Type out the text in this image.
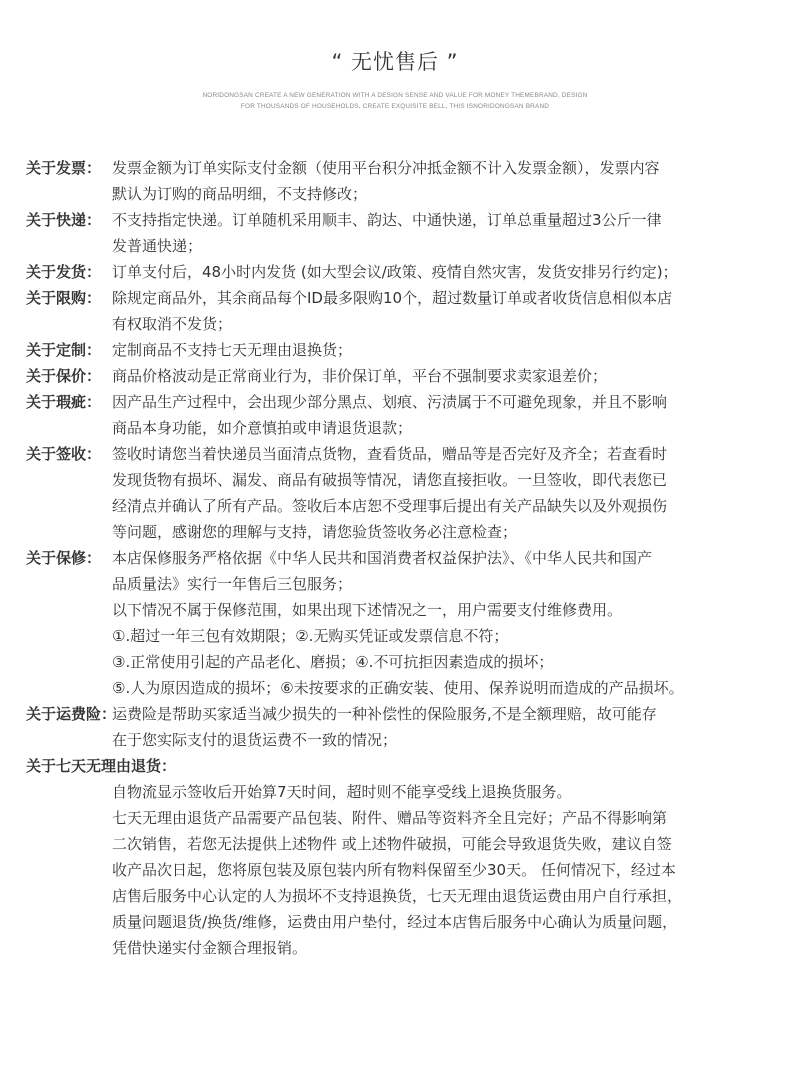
“ 无忧售后 ”
NORIDONGSAN CREATE A NEW GENERATION WITH A DESIGN SENSE AND VALUE FOR MONEY THEMEBRAND, DESIGN
FOR THOUSANDS OF HOUSEHOLDS, CREATE EXQUISITE BELL, THIS ISNORIDONGSAN BRAND
关于发票： 发票金额为订单实际支付金额（使用平台积分冲抵金额不计入发票金额），发票内容
默认为订购的商品明细，不支持修改；
关于快递： 不支持指定快递。订单随机采用顺丰、韵达、中通快递，订单总重量超过3公斤一律
发普通快递；
关于发货： 订单支付后，48小时内发货 (如大型会议/政策、疫情自然灾害，发货安排另行约定)；
关于限购： 除规定商品外，其余商品每个ID最多限购10个，超过数量订单或者收货信息相似本店
有权取消不发货；
关于定制： 定制商品不支持七天无理由退换货；
关于保价： 商品价格波动是正常商业行为，非价保订单，平台不强制要求卖家退差价；
关于瑕疵： 因产品生产过程中，会出现少部分黑点、划痕、污渍属于不可避免现象，并且不影响
商品本身功能，如介意慎拍或申请退货退款；
关于签收： 签收时请您当着快递员当面清点货物，查看货品，赠品等是否完好及齐全；若查看时
发现货物有损坏、漏发、商品有破损等情况，请您直接拒收。一旦签收，即代表您已
经清点并确认了所有产品。签收后本店恕不受理事后提出有关产品缺失以及外观损伤
等问题，感谢您的理解与支持，请您验货签收务必注意检查；
关于保修： 本店保修服务严格依据《中华人民共和国消费者权益保护法》、《中华人民共和国产
品质量法》实行一年售后三包服务；
以下情况不属于保修范围，如果出现下述情况之一，用户需要支付维修费用。
①.超过一年三包有效期限；②.无购买凭证或发票信息不符；
③.正常使用引起的产品老化、磨损；④.不可抗拒因素造成的损坏；
⑤.人为原因造成的损坏；⑥未按要求的正确安装、使用、保养说明而造成的产品损坏。
关于运费险：
运费险是帮助买家适当减少损失的一种补偿性的保险服务,不是全额理赔，故可能存
在于您实际支付的退货运费不一致的情况；
关于七天无理由退货：
自物流显示签收后开始算7天时间，超时则不能享受线上退换货服务。
七天无理由退货产品需要产品包装、附件、赠品等资料齐全且完好；产品不得影响第
二次销售，若您无法提供上述物件 或上述物件破损，可能会导致退货失败，建议自签
收产品次日起，您将原包装及原包装内所有物料保留至少30天。 任何情况下，经过本
店售后服务中心认定的人为损坏不支持退换货，七天无理由退货运费由用户自行承担，
质量问题退货/换货/维修，运费由用户垫付，经过本店售后服务中心确认为质量问题，
凭借快递实付金额合理报销。
